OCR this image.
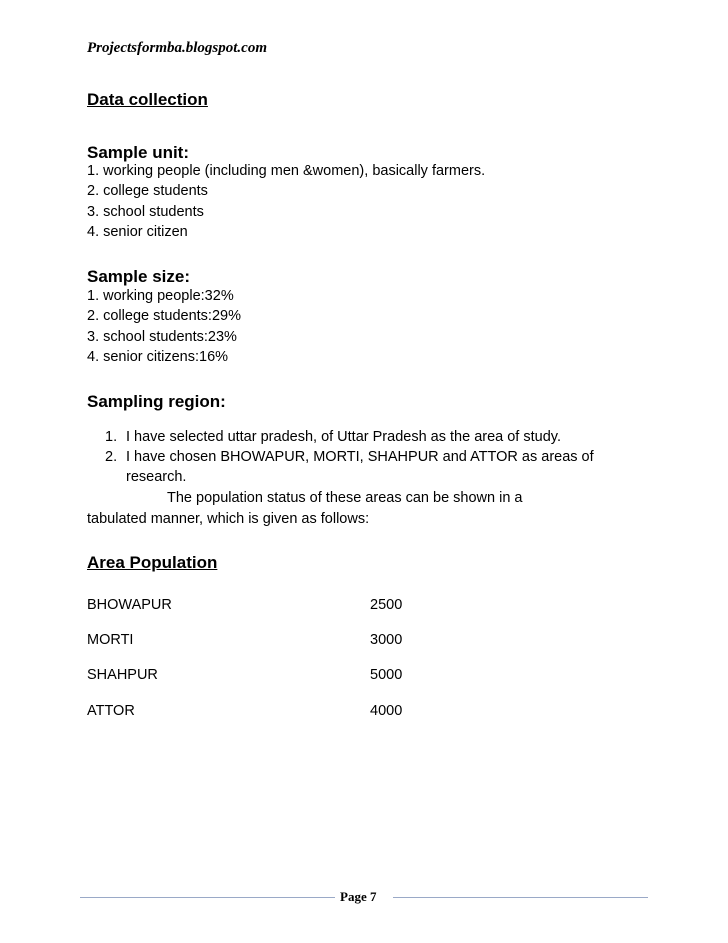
Projectsformba.blogspot.com
Data collection
Sample unit:
1. working people (including men &women), basically farmers.
2. college students
3. school students
4. senior citizen
Sample size:
1. working people:32%
2. college students:29%
3. school students:23%
4. senior citizens:16%
Sampling region:
1. I have selected uttar pradesh, of Uttar Pradesh as the area of study.
2. I have chosen BHOWAPUR, MORTI, SHAHPUR and ATTOR as areas of
research.
The population status of these areas can be shown in a
tabulated manner, which is given as follows:
Area Population
BHOWAPUR	2500
MORTI	3000
SHAHPUR	5000
ATTOR	4000
Page 7
